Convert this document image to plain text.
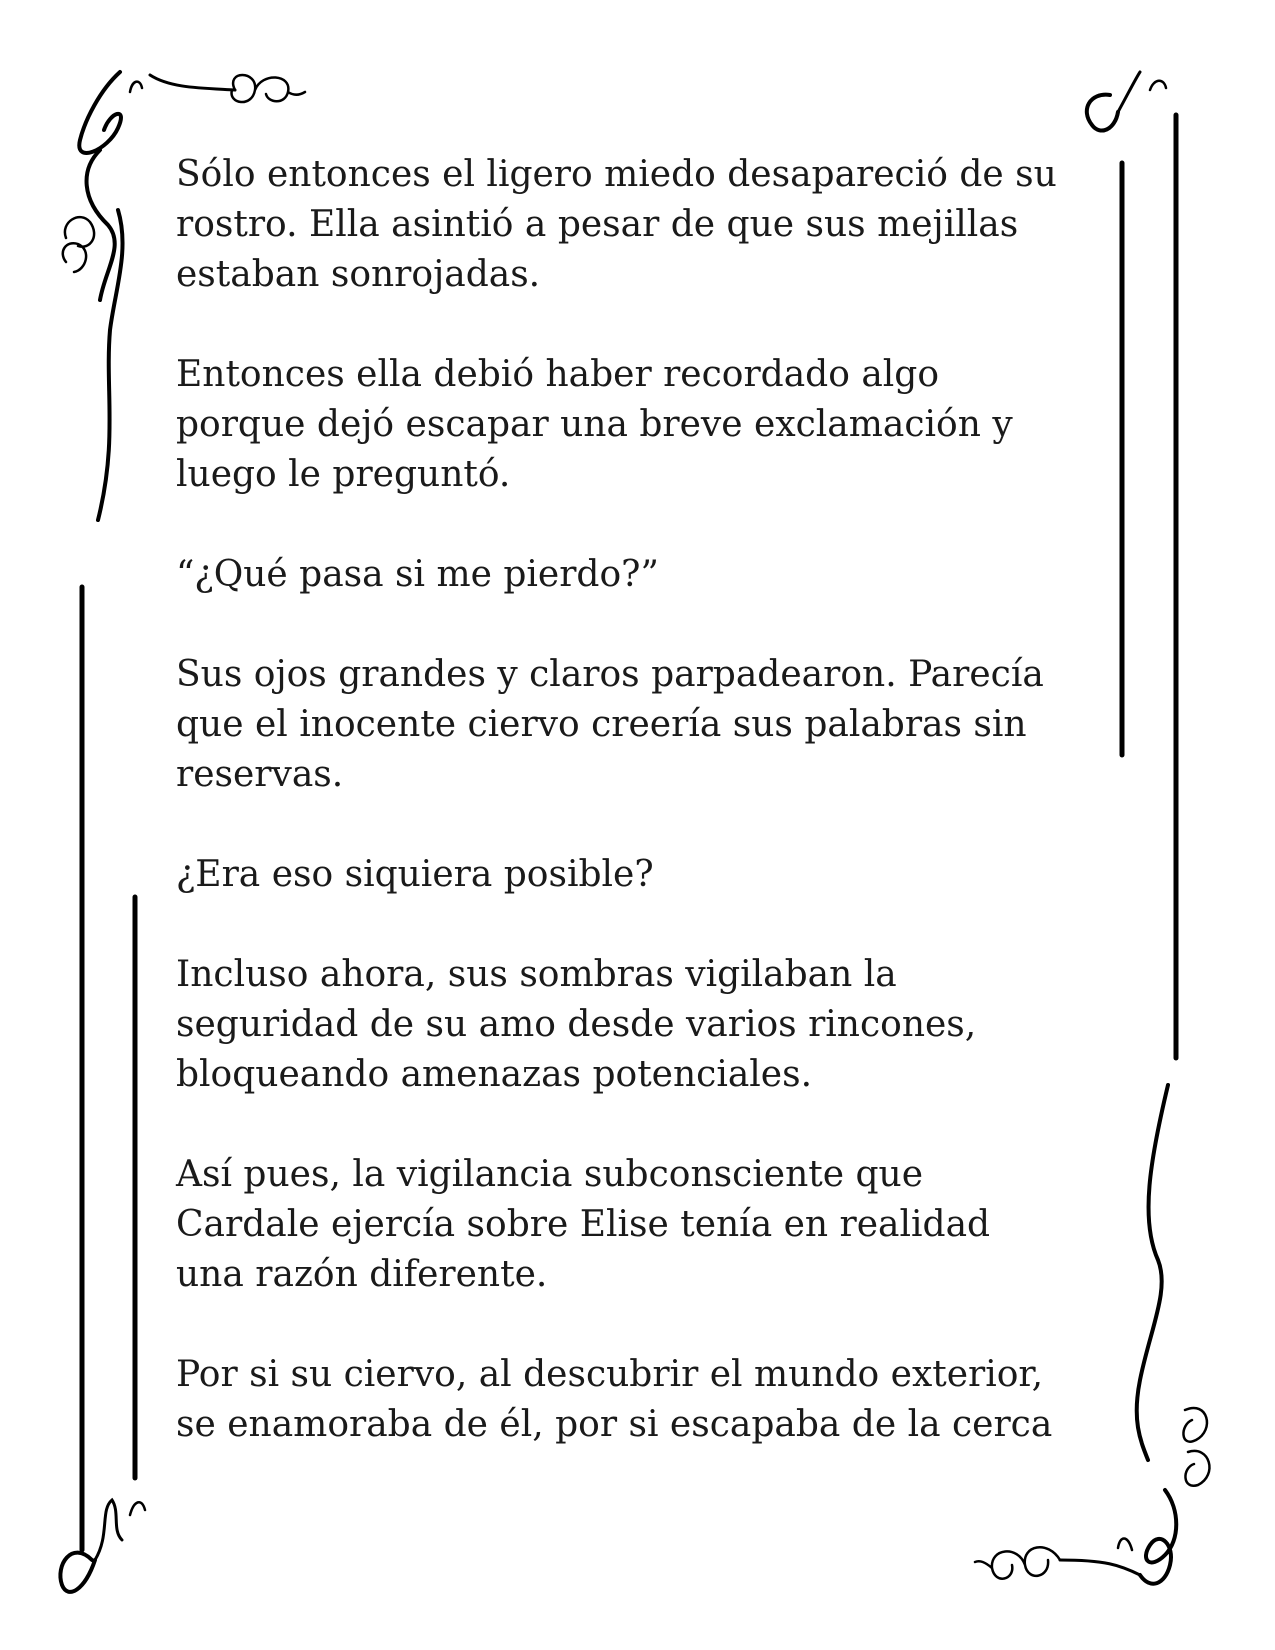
Sólo entonces el ligero miedo desapareció de su
rostro. Ella asintió a pesar de que sus mejillas
estaban sonrojadas.

Entonces ella debió haber recordado algo
porque dejó escapar una breve exclamación y
luego le preguntó.

“¿Qué pasa si me pierdo?”

Sus ojos grandes y claros parpadearon. Parecía
que el inocente ciervo creería sus palabras sin
reservas.

¿Era eso siquiera posible?

Incluso ahora, sus sombras vigilaban la
seguridad de su amo desde varios rincones,
bloqueando amenazas potenciales.

Así pues, la vigilancia subconsciente que
Cardale ejercía sobre Elise tenía en realidad
una razón diferente.

Por si su ciervo, al descubrir el mundo exterior,
se enamoraba de él, por si escapaba de la cerca
